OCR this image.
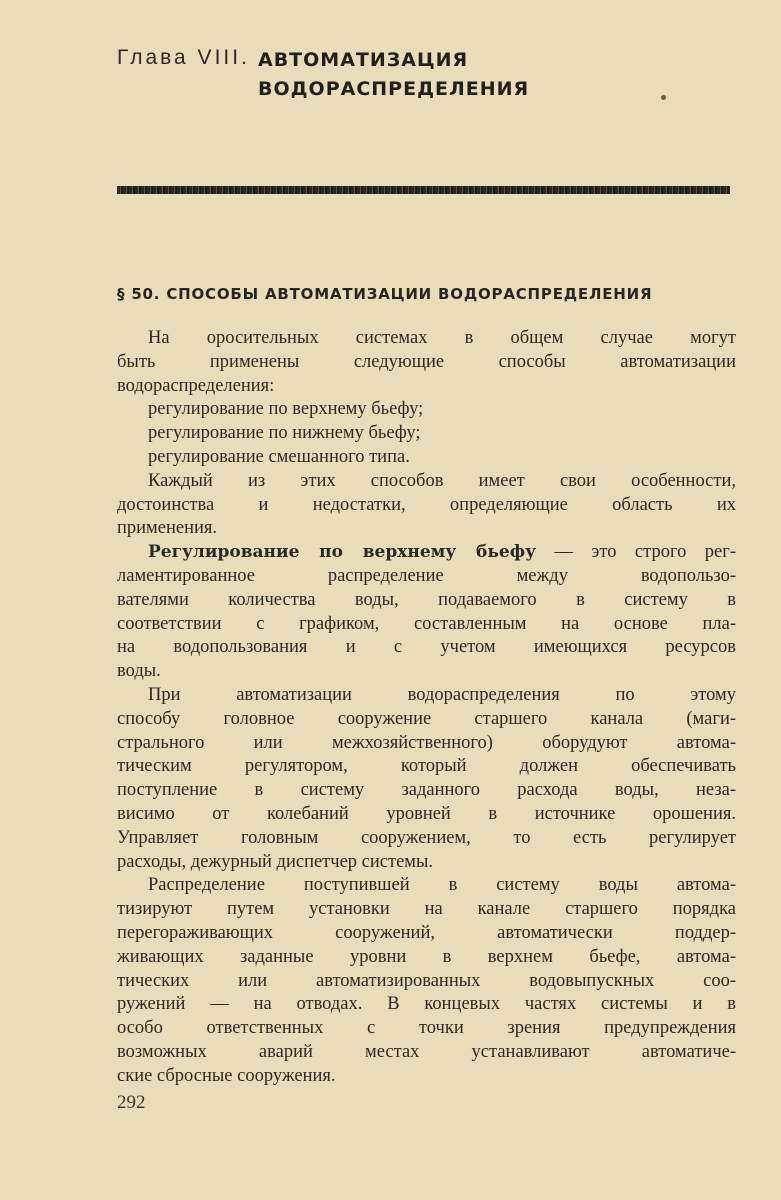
Глава VIII. АВТОМАТИЗАЦИЯ
ВОДОРАСПРЕДЕЛЕНИЯ
§ 50. СПОСОБЫ АВТОМАТИЗАЦИИ ВОДОРАСПРЕДЕЛЕНИЯ
На оросительных системах в общем случае могут
быть применены следующие способы автоматизации
водораспределения:
регулирование по верхнему бьефу;
регулирование по нижнему бьефу;
регулирование смешанного типа.
Каждый из этих способов имеет свои особенности,
достоинства и недостатки, определяющие область их
применения.
Регулирование по верхнему бьефу — это строго рег-
ламентированное распределение между водопользо-
вателями количества воды, подаваемого в систему в
соответствии с графиком, составленным на основе пла-
на водопользования и с учетом имеющихся ресурсов
воды.
При автоматизации водораспределения по этому
способу головное сооружение старшего канала (маги-
стрального или межхозяйственного) оборудуют автома-
тическим регулятором, который должен обеспечивать
поступление в систему заданного расхода воды, неза-
висимо от колебаний уровней в источнике орошения.
Управляет головным сооружением, то есть регулирует
расходы, дежурный диспетчер системы.
Распределение поступившей в систему воды автома-
тизируют путем установки на канале старшего порядка
перегораживающих сооружений, автоматически поддер-
живающих заданные уровни в верхнем бьефе, автома-
тических или автоматизированных водовыпускных соо-
ружений — на отводах. В концевых частях системы и в
особо ответственных с точки зрения предупреждения
возможных аварий местах устанавливают автоматиче-
ские сбросные сооружения.
292
